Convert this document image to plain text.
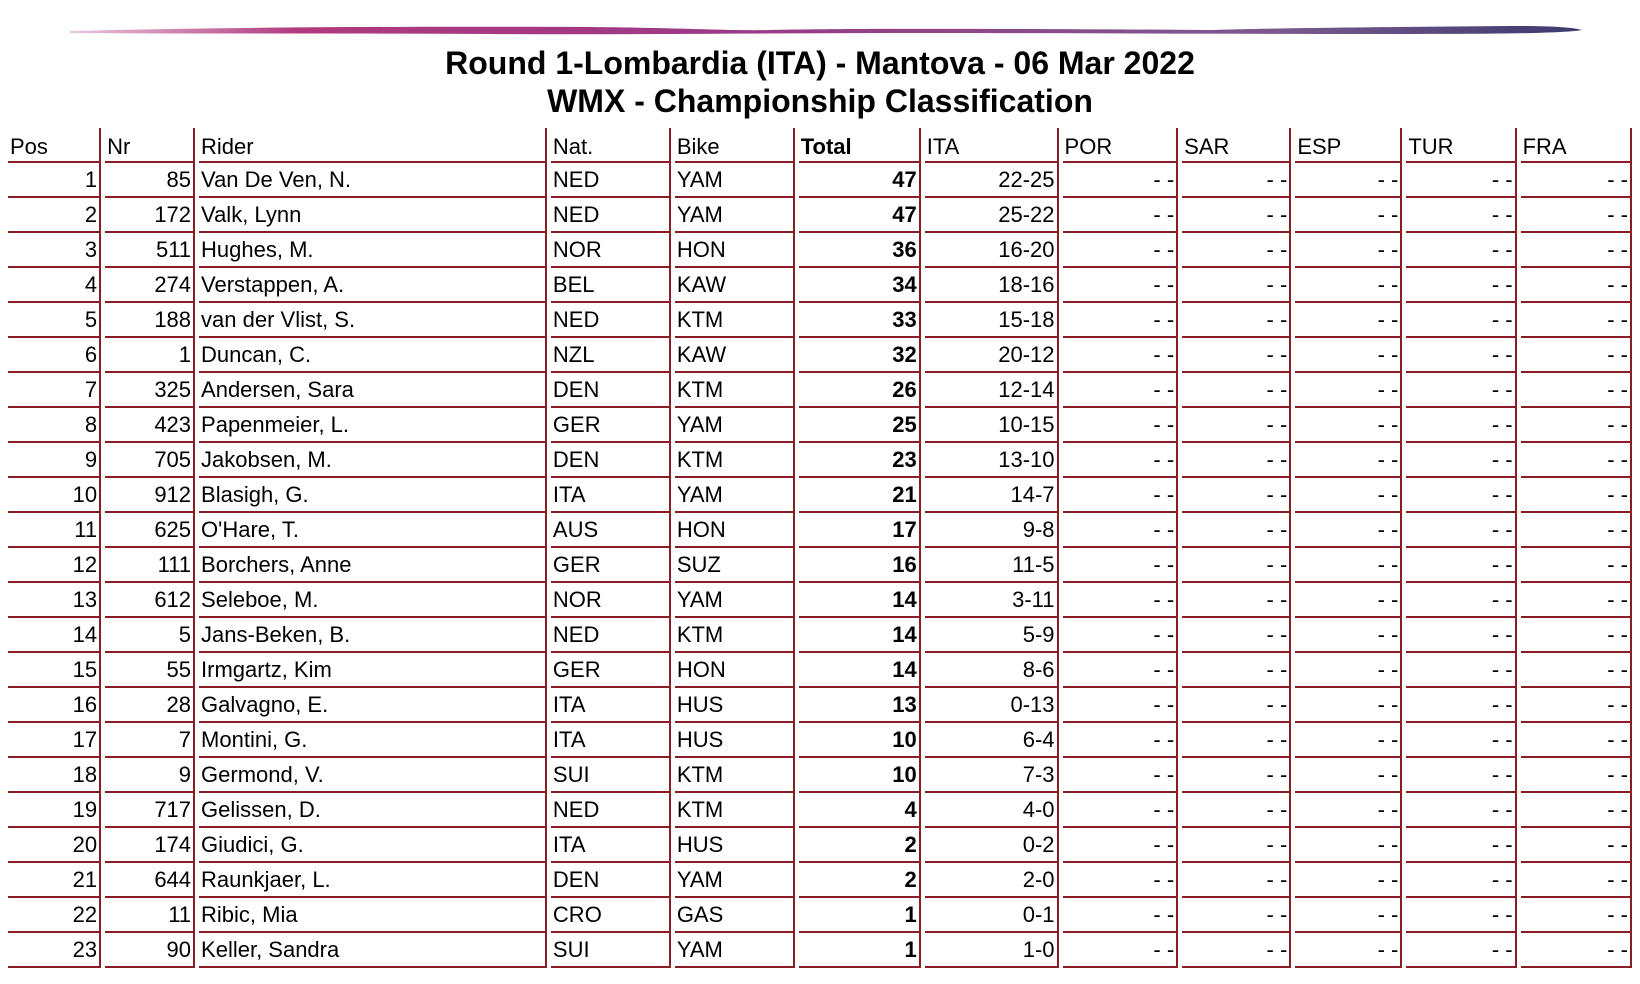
Round 1-Lombardia (ITA) - Mantova - 06 Mar 2022
WMX - Championship Classification
Pos	Nr	Rider	Nat.	Bike	Total	ITA	POR	SAR	ESP	TUR	FRA
1	85	Van De Ven, N.	NED	YAM	47	22-25	- -	- -	- -	- -	- -
2	172	Valk, Lynn	NED	YAM	47	25-22	- -	- -	- -	- -	- -
3	511	Hughes, M.	NOR	HON	36	16-20	- -	- -	- -	- -	- -
4	274	Verstappen, A.	BEL	KAW	34	18-16	- -	- -	- -	- -	- -
5	188	van der Vlist, S.	NED	KTM	33	15-18	- -	- -	- -	- -	- -
6	1	Duncan, C.	NZL	KAW	32	20-12	- -	- -	- -	- -	- -
7	325	Andersen, Sara	DEN	KTM	26	12-14	- -	- -	- -	- -	- -
8	423	Papenmeier, L.	GER	YAM	25	10-15	- -	- -	- -	- -	- -
9	705	Jakobsen, M.	DEN	KTM	23	13-10	- -	- -	- -	- -	- -
10	912	Blasigh, G.	ITA	YAM	21	14-7	- -	- -	- -	- -	- -
11	625	O'Hare, T.	AUS	HON	17	9-8	- -	- -	- -	- -	- -
12	111	Borchers, Anne	GER	SUZ	16	11-5	- -	- -	- -	- -	- -
13	612	Seleboe, M.	NOR	YAM	14	3-11	- -	- -	- -	- -	- -
14	5	Jans-Beken, B.	NED	KTM	14	5-9	- -	- -	- -	- -	- -
15	55	Irmgartz, Kim	GER	HON	14	8-6	- -	- -	- -	- -	- -
16	28	Galvagno, E.	ITA	HUS	13	0-13	- -	- -	- -	- -	- -
17	7	Montini, G.	ITA	HUS	10	6-4	- -	- -	- -	- -	- -
18	9	Germond, V.	SUI	KTM	10	7-3	- -	- -	- -	- -	- -
19	717	Gelissen, D.	NED	KTM	4	4-0	- -	- -	- -	- -	- -
20	174	Giudici, G.	ITA	HUS	2	0-2	- -	- -	- -	- -	- -
21	644	Raunkjaer, L.	DEN	YAM	2	2-0	- -	- -	- -	- -	- -
22	11	Ribic, Mia	CRO	GAS	1	0-1	- -	- -	- -	- -	- -
23	90	Keller, Sandra	SUI	YAM	1	1-0	- -	- -	- -	- -	- -
